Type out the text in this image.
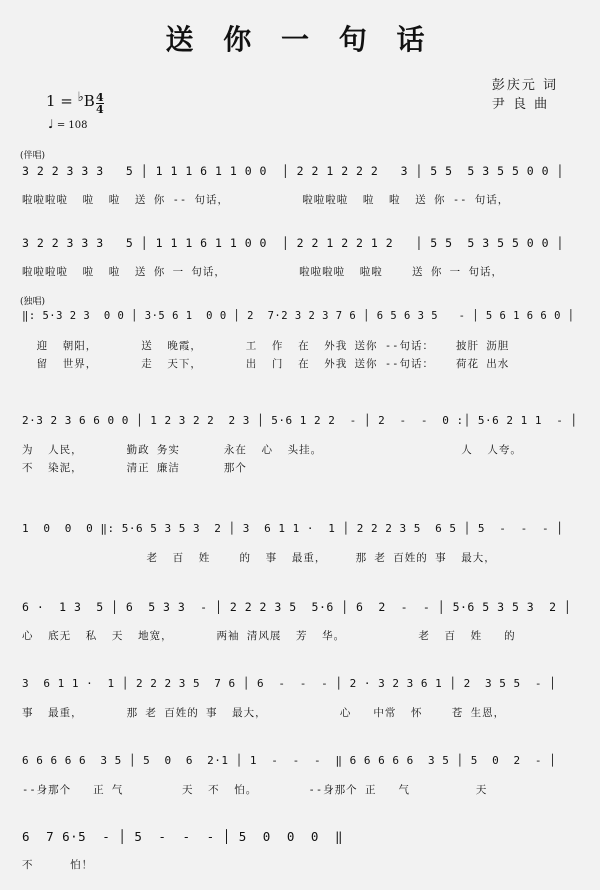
送 你 一 句 话
彭庆元 词
尹 良 曲
1 = ♭B 4
4
♩ = 108
(伴唱)
3 2 2 3 3 3   5 │ 1 1 1 6 1 1 0 0  │ 2 2 1 2 2 2   3 │ 5 5  5 3 5 5 0 0 │
啦啦啦啦  啦  啦  送 你 -- 句话，          啦啦啦啦  啦  啦  送 你 -- 句话，
3 2 2 3 3 3   5 │ 1 1 1 6 1 1 0 0  │ 2 2 1 2 2 1 2   │ 5 5  5 3 5 5 0 0 │
啦啦啦啦  啦  啦  送 你 一 句话，          啦啦啦啦  啦啦    送 你 一 句话，
(独唱)
‖: 5·3 2 3  0 0 │ 3·5 6 1  0 0 │ 2  7·2 3 2 3 7 6 │ 6 5 6 3 5   - │ 5 6 1 6 6 0 │
迎  朝阳，      送  晚霞，      工  作  在  外我 送你 --句话：   披肝 沥胆
留  世界，      走  天下，      出  门  在  外我 送你 --句话：   荷花 出水
2·3 2 3 6 6 0 0 │ 1 2 3 2 2  2 3 │ 5·6 1 2 2  - │ 2  -  -  0 :│ 5·6 2 1 1  - │
为  人民，      勤政 务实      永在  心  头挂。                   人  人夸。
不  染泥，      清正 廉洁      那个
1  0  0  0 ‖: 5·6 5 3 5 3  2 │ 3  6 1 1 ·  1 │ 2 2 2 3 5  6 5 │ 5  -  -  - │
老  百  姓    的  事  最重，    那 老 百姓的 事  最大，
6 ·  1 3  5 │ 6  5 3 3  - │ 2 2 2 3 5  5·6 │ 6  2  -  - │ 5·6 5 3 5 3  2 │
心  底无  私  天  地宽，      两袖 清风展  芳  华。          老  百  姓   的
3  6 1 1 ·  1 │ 2 2 2 3 5  7 6 │ 6  -  -  - │ 2 · 3 2 3 6 1 │ 2  3 5 5  - │
事  最重，      那 老 百姓的 事  最大，          心   中常  怀    苍 生恩，
6 6 6 6 6  3 5 │ 5  0  6  2·1 │ 1  -  -  -  ‖ 6 6 6 6 6  3 5 │ 5  0  2  - │
--身那个   正 气        天  不  怕。       --身那个 正   气         天
6  7 6·5  - │ 5  -  -  - │ 5  0  0  0  ‖
不     怕！
